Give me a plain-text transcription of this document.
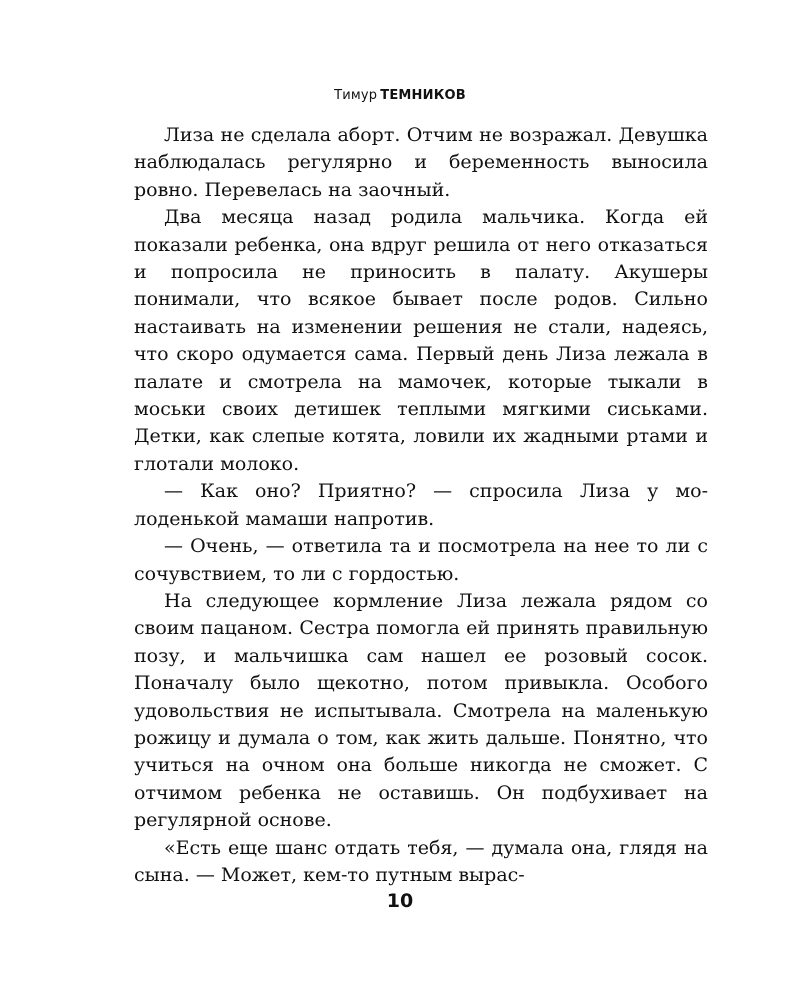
Тимур ТЕМНИКОВ

Лиза не сделала аборт. Отчим не возражал. Девушка наблюдалась регулярно и беременность выносила ровно. Перевелась на заочный.

Два месяца назад родила мальчика. Когда ей показали ребенка, она вдруг решила от него отказаться и попросила не приносить в палату. Акушеры понимали, что всякое бывает после родов. Сильно настаивать на изменении решения не стали, надеясь, что скоро одумается сама. Первый день Лиза лежала в палате и смотрела на мамочек, которые тыкали в моськи своих детишек теплыми мягкими сиськами. Детки, как слепые котята, ловили их жадными ртами и глотали молоко.

— Как оно? Приятно? — спросила Лиза у молоденькой мамаши напротив.

— Очень, — ответила та и посмотрела на нее то ли с сочувствием, то ли с гордостью.

На следующее кормление Лиза лежала рядом со своим пацаном. Сестра помогла ей принять правильную позу, и мальчишка сам нашел ее розовый сосок. Поначалу было щекотно, потом привыкла. Особого удовольствия не испытывала. Смотрела на маленькую рожицу и думала о том, как жить дальше. Понятно, что учиться на очном она больше никогда не сможет. С отчимом ребенка не оставишь. Он подбухивает на регулярной основе.

«Есть еще шанс отдать тебя, — думала она, глядя на сына. — Может, кем-то путным вырас-

10
